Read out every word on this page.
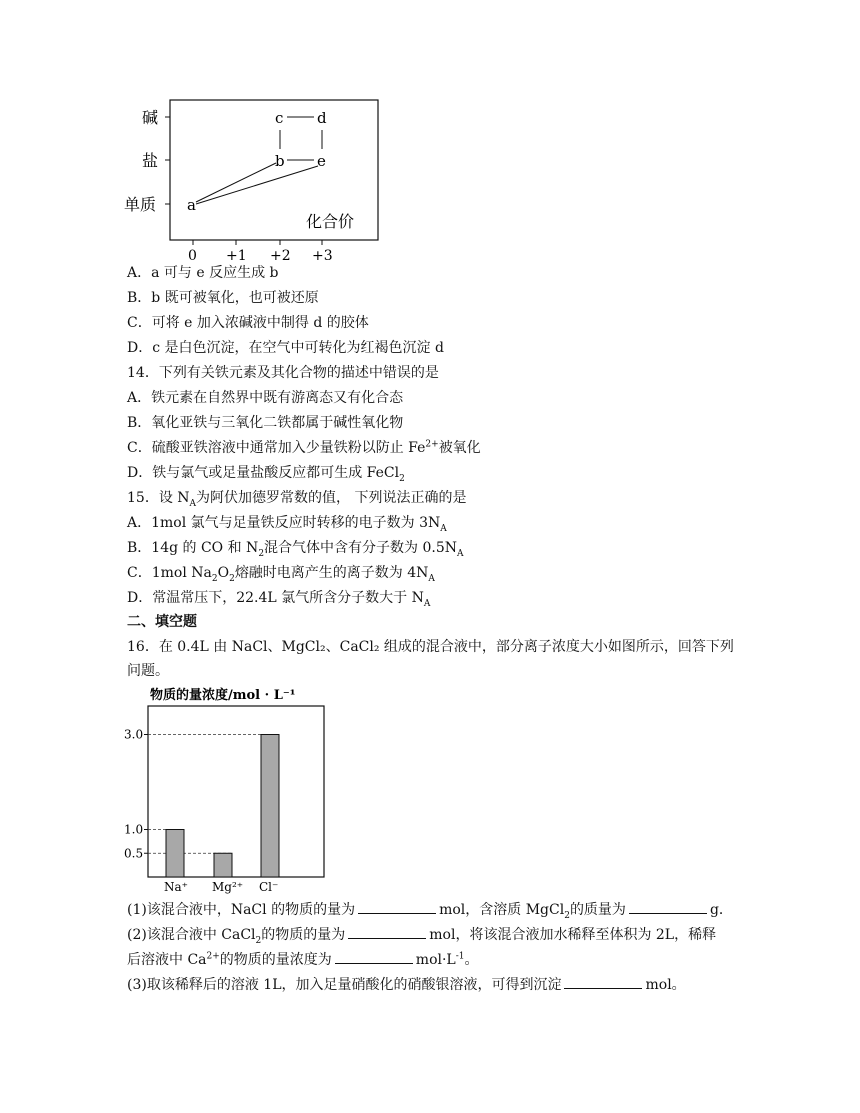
碱
盐
单质
0 +1 +2 +3
化合价
a
b
c d
e
A．a 可与 e 反应生成 b
B．b 既可被氧化，也可被还原
C．可将 e 加入浓碱液中制得 d 的胶体
D．c 是白色沉淀，在空气中可转化为红褐色沉淀 d
14．下列有关铁元素及其化合物的描述中错误的是
A．铁元素在自然界中既有游离态又有化合态
B．氧化亚铁与三氧化二铁都属于碱性氧化物
C．硫酸亚铁溶液中通常加入少量铁粉以防止 $Fe^{2+}$被氧化
D．铁与氯气或足量盐酸反应都可生成 FeCl$_2$
15．设 $N_A$为阿伏加德罗常数的值， 下列说法正确的是
A．1mol 氯气与足量铁反应时转移的电子数为 $3N_A$
B．14g 的 CO 和 $N_2$混合气体中含有分子数为 $0.5N_A$
C．1mol $Na_2O_2$熔融时电离产生的离子数为 $4N_A$
D．常温常压下，22.4L 氯气所含分子数大于 $N_A$
二、填空题
16．在 0.4L 由 NaCl、MgCl₂、CaCl₂ 组成的混合液中，部分离子浓度大小如图所示，回答下列
问题。
物质的量浓度/mol · L⁻¹
3.0
1.0
0.5
Na⁺ Mg²⁺ Cl⁻
(1)该混合液中，NaCl 的物质的量为	mol，含溶质 MgCl$_2$的质量为	g．
(2)该混合液中 CaCl$_2$的物质的量为	mol，将该混合液加水稀释至体积为 2L，稀释
后溶液中 $Ca^{2+}$的物质的量浓度为	$mol\cdot L^{-1}$。
(3)取该稀释后的溶液 1L，加入足量硝酸化的硝酸银溶液，可得到沉淀	mol。
